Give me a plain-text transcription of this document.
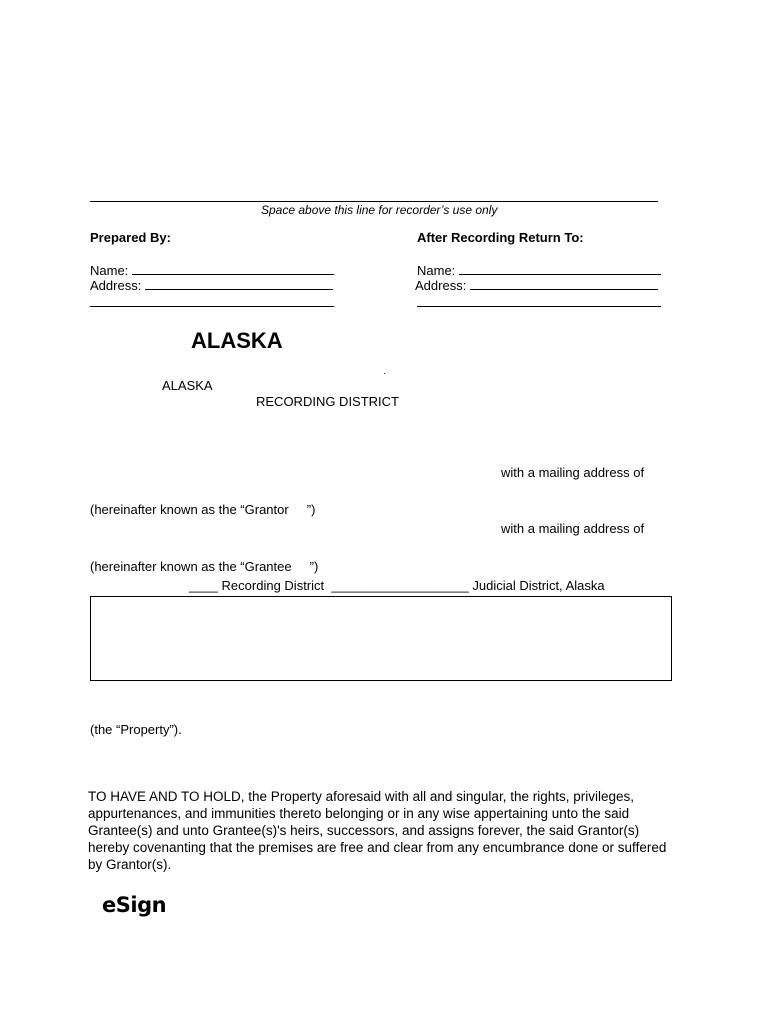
Space above this line for recorder’s use only
Prepared By:
Name:
Address:
After Recording Return To:
Name:
Address:
ALASKA
ALASKA
·
RECORDING DISTRICT
with a mailing address of
(hereinafter known as the “Grantor     ”)
with a mailing address of
(hereinafter known as the “Grantee     ”)
____ Recording District ___________________ Judicial District, Alaska
(the “Property”).
TO HAVE AND TO HOLD, the Property aforesaid with all and singular, the rights, privileges, appurtenances, and immunities thereto belonging or in any wise appertaining unto the said Grantee(s) and unto Grantee(s)'s heirs, successors, and assigns forever, the said Grantor(s) hereby covenanting that the premises are free and clear from any encumbrance done or suffered by Grantor(s).
eSign
